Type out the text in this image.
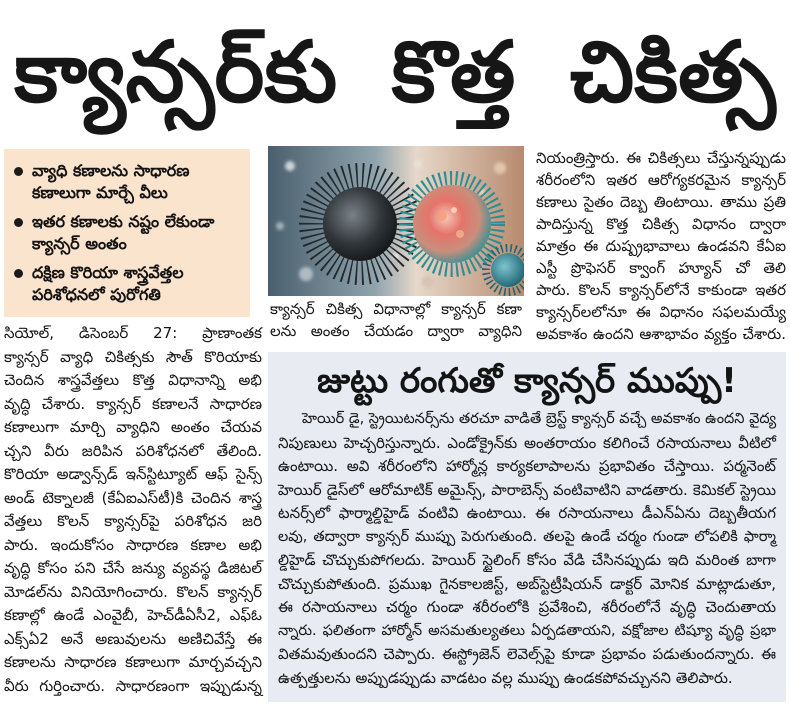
క్యాన్సర్‌కు కొత్త చికిత్స
వ్యాధి కణాలను సాధారణ
కణాలుగా మార్చే వీలు
ఇతర కణాలకు నష్టం లేకుండా
క్యాన్సర్ అంతం
దక్షిణ కొరియా శాస్త్రవేత్తల
పరిశోధనలో పురోగతి
సియోల్, డిసెంబర్ 27: ప్రాణాంతక
క్యాన్సర్ వ్యాధి చికిత్సకు సౌత్ కొరియాకు
చెందిన శాస్త్రవేత్తలు కొత్త విధానాన్ని అభి
వృద్ధి చేశారు. క్యాన్సర్ కణాలనే సాధారణ
కణాలుగా మార్చి వ్యాధిని అంతం చేయవ
చ్చని వీరు జరిపిన పరిశోధనలో తేలింది.
కొరియా అడ్వాన్స్‌డ్ ఇన్‌స్టిట్యూట్ ఆఫ్ సైన్స్
అండ్ టెక్నాలజీ (కేఏఐఎస్‌టీ)కి చెందిన శాస్త్ర
వేత్తలు కొలన్ క్యాన్సర్‌పై పరిశోధన జరి
పారు. ఇందుకోసం సాధారణ కణాల అభి
వృద్ధి కోసం పని చేసే జన్యు వ్యవస్థ డిజిటల్
మోడల్‌ను వినియోగించారు. కొలన్ క్యాన్సర్
కణాల్లో ఉండే ఎంవైబీ, హెచ్‌డీఏసీ2, ఎఫ్‌ఓ
ఎక్స్‌ఏ2 అనే అణువులను అణిచివేస్తే ఈ
కణాలను సాధారణ కణాలుగా మార్చవచ్చని
వీరు గుర్తించారు. సాధారణంగా ఇప్పుడున్న
క్యాన్సర్ చికిత్స విధానాల్లో క్యాన్సర్ కణా
లను అంతం చేయడం ద్వారా వ్యాధిని
నియంత్రిస్తారు. ఈ చికిత్సలు చేస్తున్నప్పుడు
శరీరంలోని ఇతర ఆరోగ్యకరమైన క్యాన్సర్
కణాలు సైతం దెబ్బ తింటాయి. తాము ప్రతి
పాదిస్తున్న కొత్త చికిత్స విధానం ద్వారా
మాత్రం ఈ దుష్ప్రభావాలు ఉండవని కేఏఐ
ఎస్టీ ప్రొఫెసర్ క్వాంగ్ హ్యూన్ చో తెలి
పారు. కొలన్ క్యాన్సర్‌లోనే కాకుండా ఇతర
క్యాన్సర్‌లలోనూ ఈ విధానం సఫలమయ్యే
అవకాశం ఉందని ఆశాభావం వ్యక్తం చేశారు.
జుట్టు రంగుతో క్యాన్సర్ ముప్పు!
హెయిర్ డై, స్ట్రెయిటనర్స్‌ను తరచూ వాడితే బ్రెస్ట్ క్యాన్సర్ వచ్చే అవకాశం ఉందని వైద్య
నిపుణులు హెచ్చరిస్తున్నారు. ఎండోక్రైన్‌కు అంతరాయం కలిగించే రసాయనాలు వీటిలో
ఉంటాయి. అవి శరీరంలోని హార్మోన్ల కార్యకలాపాలను ప్రభావితం చేస్తాయి. పర్మనెంట్
హెయిర్ డైస్‌లో ఆరోమాటిక్ అమైన్స్, పారాబెన్స్ వంటివాటిని వాడతారు. కెమికల్ స్ట్రెయి
టనర్స్‌లో ఫార్మాల్డిహైడ్ వంటివి ఉంటాయి. ఈ రసాయనాలు డీఎన్ఏను దెబ్బతీయగ
లవు, తద్వారా క్యాన్సర్ ముప్పు పెరుగుతుంది. తలపై ఉండే చర్మం గుండా లోపలికి ఫార్మా
ల్డిహైడ్ చొచ్చుకుపోగలదు. హెయిర్ స్టైలింగ్ కోసం వేడి చేసినప్పుడు ఇది మరింత బాగా
చొచ్చుకుపోతుంది. ప్రముఖ గైనకాలజిస్ట్, అబ్‌స్టెట్రీషియన్ డాక్టర్ మోనిక మాట్లాడుతూ,
ఈ రసాయనాలు చర్మం గుండా శరీరంలోకి ప్రవేశించి, శరీరంలోనే వృద్ధి చెందుతాయ
న్నారు. ఫలితంగా హార్మోన్ అసమతుల్యతలు ఏర్పడతాయని, వక్షోజాల టిష్యూ వృద్ధి ప్రభా
వితమవుతుందని చెప్పారు. ఈస్ట్రోజెన్ లెవెల్స్‌పై కూడా ప్రభావం పడుతుందన్నారు. ఈ
ఉత్పత్తులను అప్పుడప్పుడు వాడటం వల్ల ముప్పు ఉండకపోవచ్చునని తెలిపారు.
